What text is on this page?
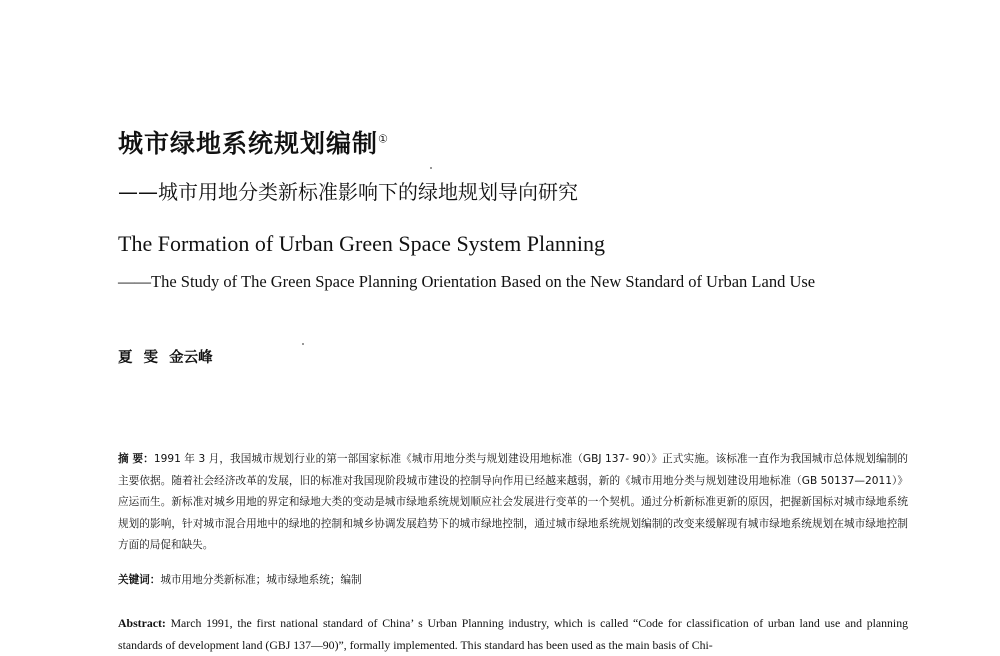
城市绿地系统规划编制①
——城市用地分类新标准影响下的绿地规划导向研究
The Formation of Urban Green Space System Planning
——The Study of The Green Space Planning Orientation Based on the New Standard of Urban Land Use
夏 雯 金云峰
摘 要：1991 年 3 月，我国城市规划行业的第一部国家标准《城市用地分类与规划建设用地标准（GBJ 137- 90）》正式实施。该标准一直作为我国城市总体规划编制的主要依据。随着社会经济改革的发展，旧的标准对我国现阶段城市建设的控制导向作用已经越来越弱，新的《城市用地分类与规划建设用地标准（GB 50137—2011）》应运而生。新标准对城乡用地的界定和绿地大类的变动是城市绿地系统规划顺应社会发展进行变革的一个契机。通过分析新标准更新的原因，把握新国标对城市绿地系统规划的影响，针对城市混合用地中的绿地的控制和城乡协调发展趋势下的城市绿地控制，通过城市绿地系统规划编制的改变来缓解现有城市绿地系统规划在城市绿地控制方面的局促和缺失。
关键词：城市用地分类新标准；城市绿地系统；编制
Abstract: March 1991, the first national standard of China’ s Urban Planning industry, which is called “Code for classification of urban land use and planning standards of development land (GBJ 137—90)”, formally implemented. This standard has been used as the main basis of Chi-
